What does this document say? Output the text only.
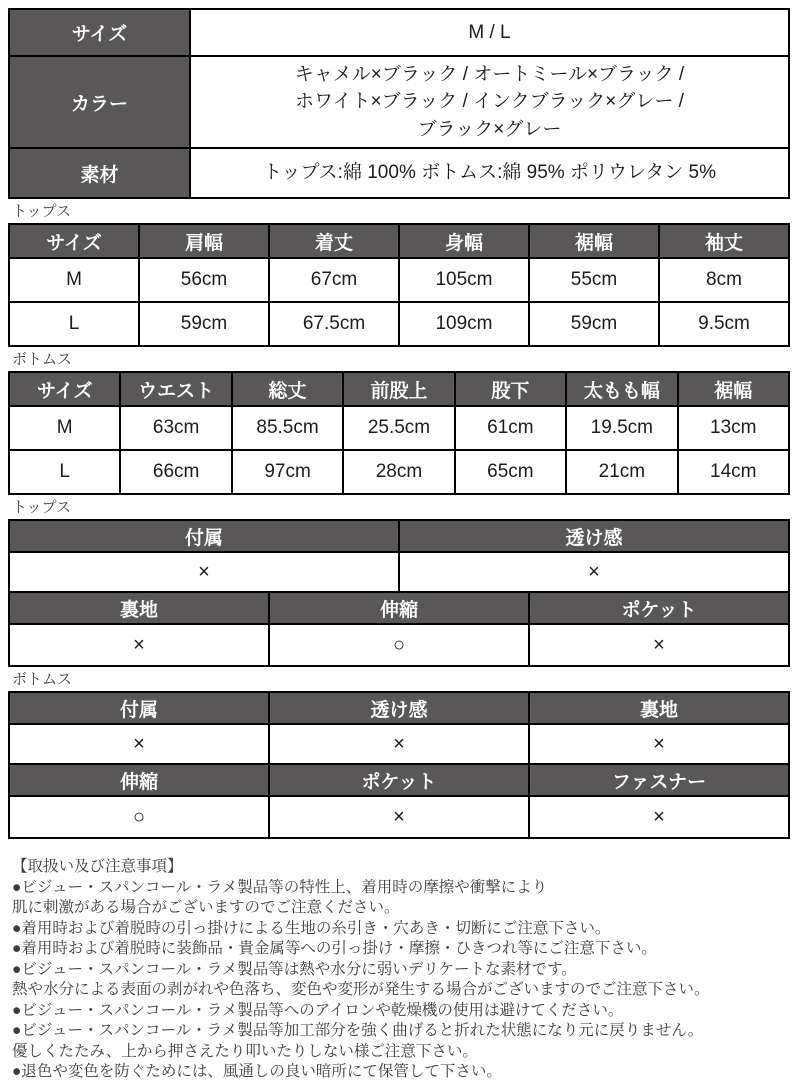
サイズ	M / L
カラー	キャメル×ブラック / オートミール×ブラック /
ホワイト×ブラック / インクブラック×グレー /
ブラック×グレー

素材	トップス:綿 100% ボトムス:綿 95% ポリウレタン 5%
トップス
サイズ	肩幅	着丈	身幅	裾幅	袖丈
M	56cm	67cm	105cm	55cm	8cm
L	59cm	67.5cm	109cm	59cm	9.5cm
ボトムス
サイズ	ウエスト	総丈	前股上	股下	太もも幅	裾幅
M	63cm	85.5cm	25.5cm	61cm	19.5cm	13cm
L	66cm	97cm	28cm	65cm	21cm	14cm
トップス
付属	透け感
×	×
裏地	伸縮	ポケット
×	○	×
ボトムス
付属	透け感	裏地
×	×	×
伸縮	ポケット	ファスナー
○	×	×
【取扱い及び注意事項】
●ビジュー・スパンコール・ラメ製品等の特性上、着用時の摩擦や衝撃により
肌に刺激がある場合がございますのでご注意ください。
●着用時および着脱時の引っ掛けによる生地の糸引き・穴あき・切断にご注意下さい。
●着用時および着脱時に装飾品・貴金属等への引っ掛け・摩擦・ひきつれ等にご注意下さい。
●ビジュー・スパンコール・ラメ製品等は熱や水分に弱いデリケートな素材です。
熱や水分による表面の剥がれや色落ち、変色や変形が発生する場合がございますのでご注意下さい。
●ビジュー・スパンコール・ラメ製品等へのアイロンや乾燥機の使用は避けてください。
●ビジュー・スパンコール・ラメ製品等加工部分を強く曲げると折れた状態になり元に戻りません。
優しくたたみ、上から押さえたり叩いたりしない様ご注意下さい。
●退色や変色を防ぐためには、風通しの良い暗所にて保管して下さい。
